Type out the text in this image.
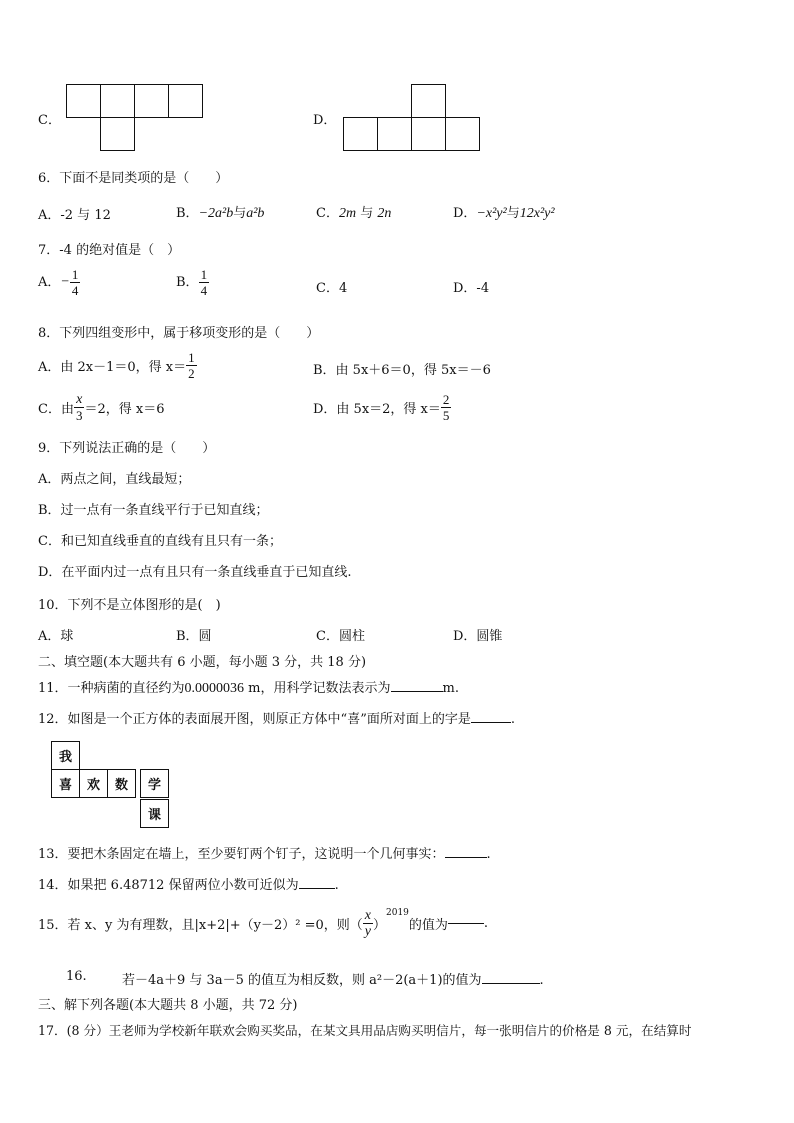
C．	D．
6．下面不是同类项的是（　　）
A．-2 与 12	B．−2a²b与a²b	C．2m 与 2n	D．−x²y²与12x²y²
7．-4 的绝对值是（　）
A．− $\frac{1}{4}$	B． $\frac{1}{4}$	C．4	D．-4
8．下列四组变形中，属于移项变形的是（　　）
A．由 2x－1＝0，得 $x= \frac{1}{2}$	B．由 5x＋6＝0，得 5x＝－6
C．由 $\frac{x}{3} =2$，得 x＝6	D．由 5x＝2，得 $x= \frac{2}{5}$
9．下列说法正确的是（　　）
A．两点之间，直线最短；
B．过一点有一条直线平行于已知直线；
C．和已知直线垂直的直线有且只有一条；
D．在平面内过一点有且只有一条直线垂直于已知直线.
10．下列不是立体图形的是(　)
A．球	B．圆	C．圆柱	D．圆锥
二、填空题(本大题共有 6 小题，每小题 3 分，共 18 分)
11．一种病菌的直径约为0.0000036 m，用科学记数法表示为	m.
12．如图是一个正方体的表面展开图，则原正方体中“喜”面所对面上的字是	.
我
喜	欢	数	学
课
13．要把木条固定在墙上，至少要钉两个钉子，这说明一个几何事实：	.
14．如果把 6.48712 保留两位小数可近似为	.
15．若 x、y 为有理数，且|x+2|+（y－2）² =0，则（ $\frac{x}{y} )^{2019}$的值为	.
16.	若－4a＋9 与 3a－5 的值互为相反数，则 a²－2(a＋1)的值为	.
三、解下列各题(本大题共 8 小题，共 72 分)
17．(8 分）王老师为学校新年联欢会购买奖品，在某文具用品店购买明信片，每一张明信片的价格是 8 元，在结算时
